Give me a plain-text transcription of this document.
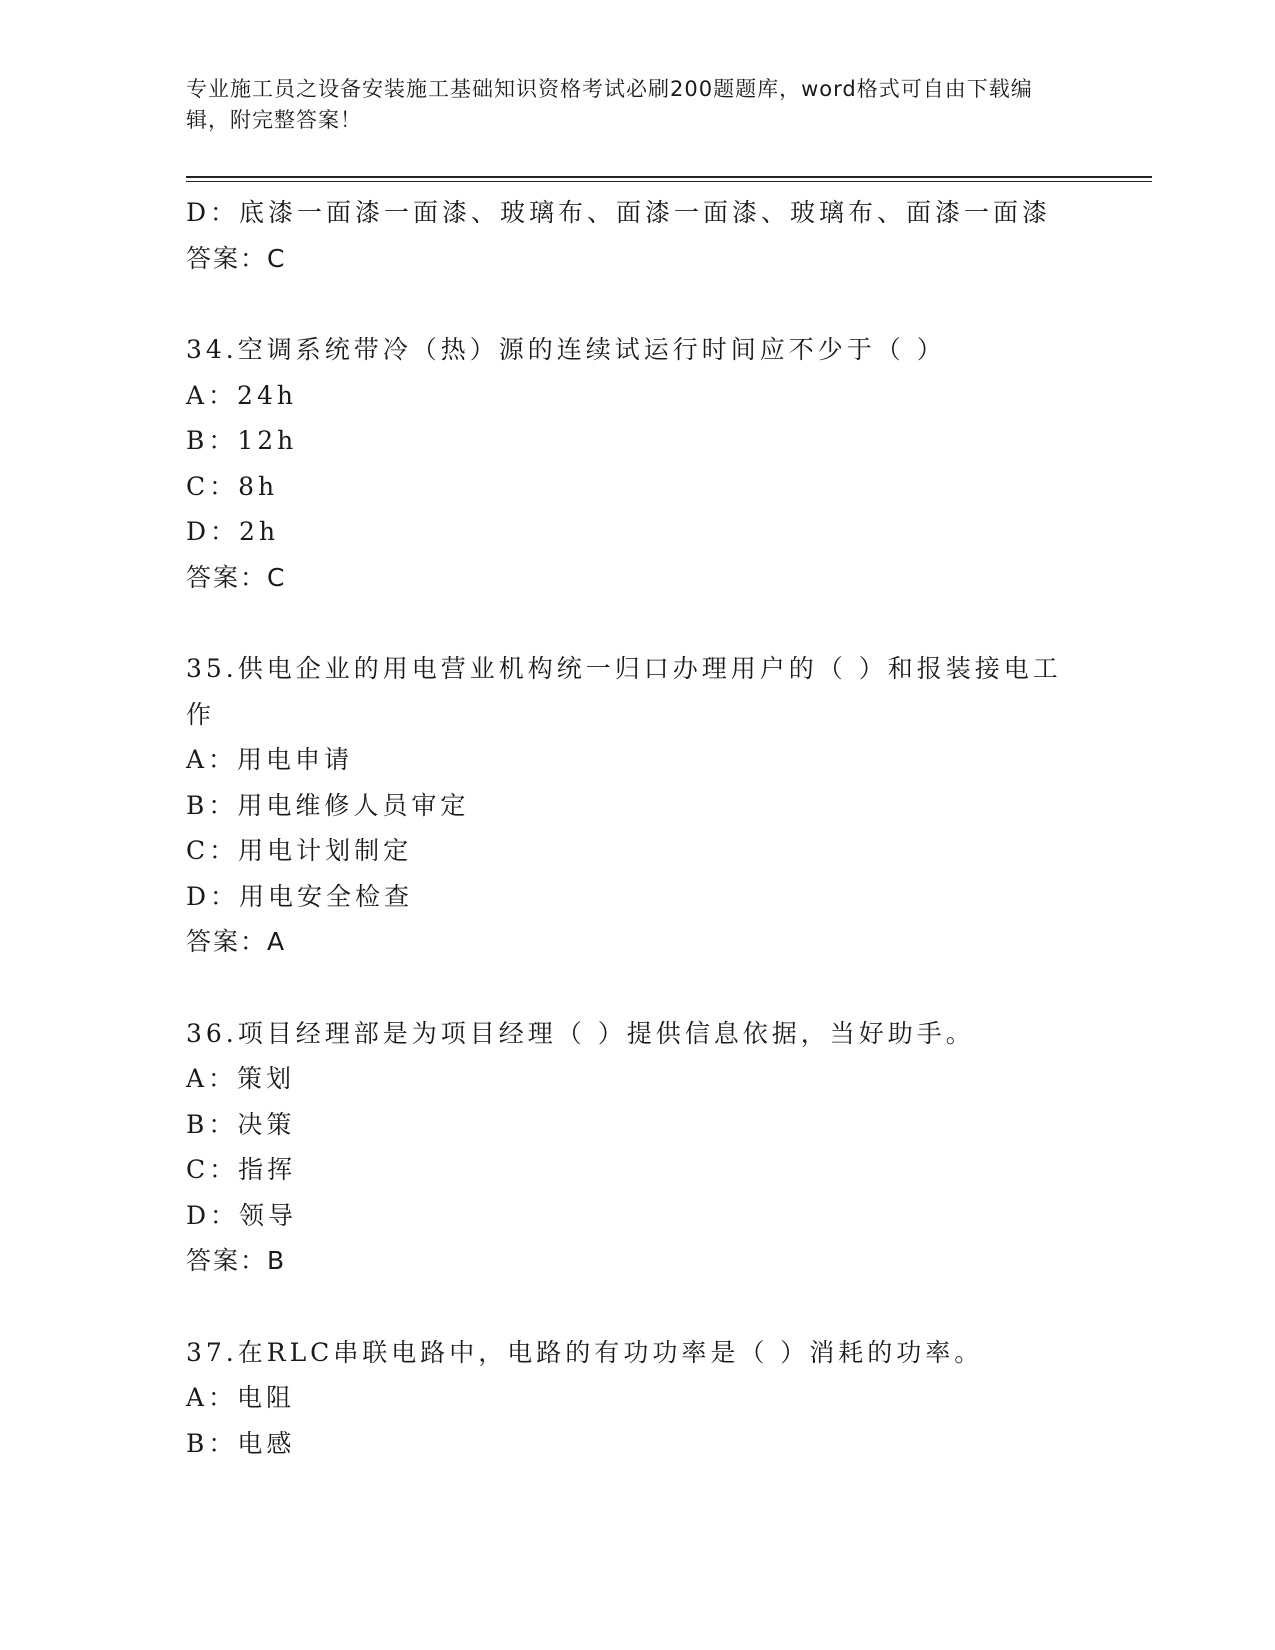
专业施工员之设备安装施工基础知识资格考试必刷200题题库，word格式可自由下载编辑，附完整答案！
D：底漆一面漆一面漆、玻璃布、面漆一面漆、玻璃布、面漆一面漆
答案：C
34.空调系统带冷（热）源的连续试运行时间应不少于（ ）
A：24h
B：12h
C：8h
D：2h
答案：C
35.供电企业的用电营业机构统一归口办理用户的（ ）和报装接电工
作
A：用电申请
B：用电维修人员审定
C：用电计划制定
D：用电安全检查
答案：A
36.项目经理部是为项目经理（ ）提供信息依据，当好助手。
A：策划
B：决策
C：指挥
D：领导
答案：B
37.在RLC串联电路中，电路的有功功率是（ ）消耗的功率。
A：电阻
B：电感
